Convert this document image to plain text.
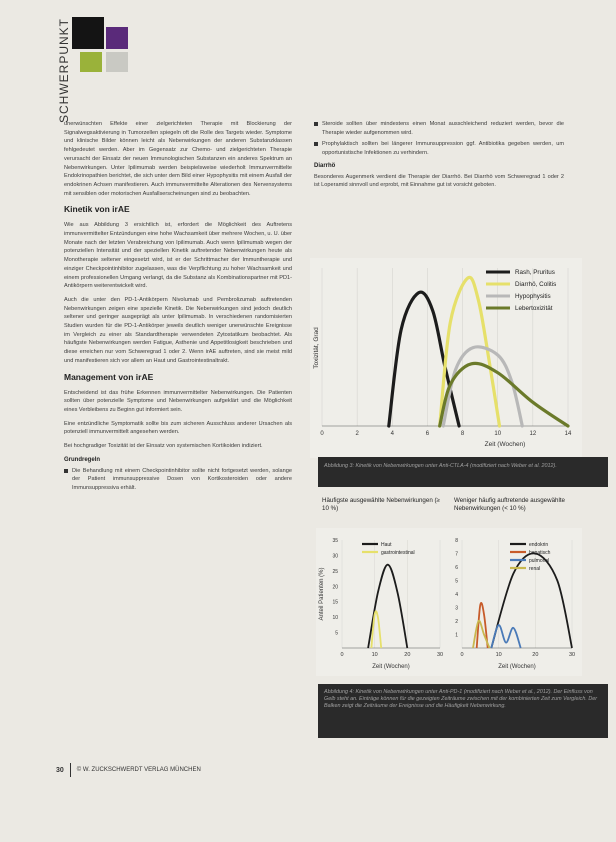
SCHWERPUNKT

unerwünschten Effekte einer zielgerichteten Therapie mit Blockierung der Signalwegsaktivierung in Tumorzellen spiegeln oft die Rolle des Targets wieder. Symptome und klinische Bilder können leicht als Nebenwirkungen der anderen Substanzklassen fehlgedeutet werden. Aber im Gegensatz zur Chemo- und zielgerichteten Therapie verursacht der Einsatz der neuen Immunologischen Substanzen ein anderes Spektrum an Nebenwirkungen. Unter Ipilimumab werden beispielsweise wiederholt Immunvermittelte Endokrinopathien berichtet, die sich unter dem Bild einer Hypophysitis mit einem Ausfall der endokrinen Achsen manifestieren. Auch immunvermittelte Alterationen des Nervensystems mit sensiblen oder motorischen Ausfallserscheinungen sind zu beobachten.

Kinetik von irAE

Wie aus Abbildung 3 ersichtlich ist, erfordert die Möglichkeit des Auftretens immunvermittelter Entzündungen eine hohe Wachsamkeit über mehrere Wochen, u. U. über Monate nach der letzten Verabreichung von Ipilimumab. Auch wenn Ipilimumab wegen der potenziellen Intensität und der speziellen Kinetik auftretender Nebenwirkungen heute als Monotherapie seltener eingesetzt wird, ist er der Schrittmacher der Immuntherapie und einziger Checkpointinhibitor zugelassen, was die Verpflichtung zu hoher Wachsamkeit und einem professionellen Umgang verlangt, da die Substanz als Kombinationspartner mit PD1-Antikörpern weiterentwickelt wird.

Auch die unter den PD-1-Antikörpern Nivolumab und Pembrolizumab auftretenden Nebenwirkungen zeigen eine spezielle Kinetik. Die Nebenwirkungen sind jedoch deutlich seltener und geringer ausgeprägt als unter Ipilimumab. In verschiedenen randomisierten Studien wurden für die PD-1-Antikörper jeweils deutlich weniger unerwünschte Ereignisse im Vergleich zu einer als Standardtherapie verwendeten Zytostatikum beobachtet. Als häufigste Nebenwirkungen werden Fatigue, Asthenie und Appetitlosigkeit beschrieben und diese erreichen nur vom Schweregrad 1 oder 2. Wenn irAE auftreten, sind sie meist mild und manifestieren sich vor allem an Haut und Gastrointestinaltrakt.

Management von irAE

Entscheidend ist das frühe Erkennen immunvermittelter Nebenwirkungen. Die Patienten sollten über potenzielle Symptome und Nebenwirkungen aufgeklärt und die Möglichkeit eines Verbleibens zu Beginn gut informiert sein.

Eine entzündliche Symptomatik sollte bis zum sicheren Ausschluss anderer Ursachen als potenziell immunvermittelt angesehen werden.

Bei hochgradiger Toxizität ist der Einsatz von systemischen Kortikoiden indiziert.

Grundregeln
Die Behandlung mit einem Checkpointinhibitor sollte nicht fortgesetzt werden, solange der Patient immunsuppressive Dosen von Kortikosteroiden oder andere Immunsuppressiva erhält.
Steroide sollten über mindestens einen Monat ausschleichend reduziert werden, bevor die Therapie wieder aufgenommen wird.
Prophylaktisch sollten bei längerer Immunsuppression ggf. Antibiotika gegeben werden, um opportunistische Infektionen zu verhindern.
Diarrhö

Besonderes Augenmerk verdient die Therapie der Diarrhö. Bei Diarrhö vom Schweregrad 1 oder 2 ist Loperamid sinnvoll und erprobt, mit Einnahme gut ist vorsicht geboten.

0	2	4	6	8	10	12	14
Zeit (Wochen)
Toxizität, Grad
Rash, Pruritus
Diarrhö, Colitis
Hypophysitis
Lebertoxizität
Abbildung 3: Kinetik von Nebenwirkungen unter Anti-CTLA-4 (modifiziert nach Weber et al. 2012).
Häufigste ausgewählte Nebenwirkungen (≥ 10 %)
Weniger häufig auftretende ausgewählte Nebenwirkungen (< 10 %)
0	10	20	30
5
10
15
20
25
30
35
Zeit (Wochen)
Anteil Patienten (%)
Haut
gastrointestinal
0	10	20	30
1
2
3
4
5
6
7
8
Zeit (Wochen)
endokrin
hepatisch
pulmonal
renal
Abbildung 4: Kinetik von Nebenwirkungen unter Anti-PD-1 (modifiziert nach Weber et al., 2012). Der Einfluss von Gelb steht an. Einträge können für die gezeigten Zeiträume zwischen mit der kombinierten Zeit zum Vergleich. Der Balken zeigt die Zeiträume der Ereignisse und die Häufigkeit Nebenwirkung.
30 © W. ZUCKSCHWERDT VERLAG MÜNCHEN
